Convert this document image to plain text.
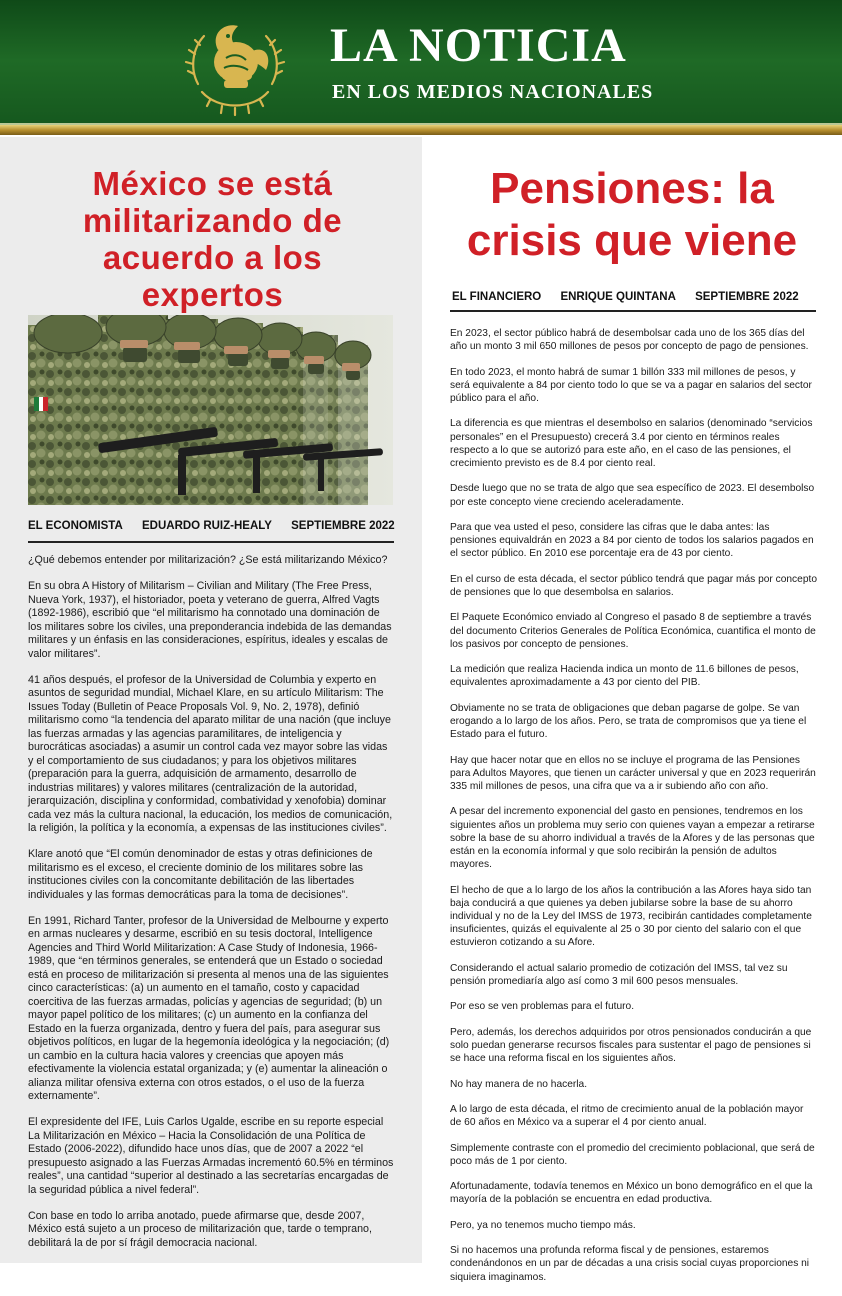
LA NOTICIA
EN LOS MEDIOS NACIONALES
México se está militarizando de acuerdo a los expertos
EL ECONOMISTA EDUARDO RUIZ-HEALY SEPTIEMBRE 2022

¿Qué debemos entender por militarización? ¿Se está militarizando México?

En su obra A History of Militarism – Civilian and Military (The Free Press, Nueva York, 1937), el historiador, poeta y veterano de guerra, Alfred Vagts (1892-1986), escribió que “el militarismo ha connotado una dominación de los militares sobre los civiles, una preponderancia indebida de las demandas militares y un énfasis en las consideraciones, espíritus, ideales y escalas de valor militares”.

41 años después, el profesor de la Universidad de Columbia y experto en asuntos de seguridad mundial, Michael Klare, en su artículo Militarism: The Issues Today (Bulletin of Peace Proposals Vol. 9, No. 2, 1978), definió militarismo como “la tendencia del aparato militar de una nación (que incluye las fuerzas armadas y las agencias paramilitares, de inteligencia y burocráticas asociadas) a asumir un control cada vez mayor sobre las vidas y el comportamiento de sus ciudadanos; y para los objetivos militares (preparación para la guerra, adquisición de armamento, desarrollo de industrias militares) y valores militares (centralización de la autoridad, jerarquización, disciplina y conformidad, combatividad y xenofobia) dominar cada vez más la cultura nacional, la educación, los medios de comunicación, la religión, la política y la economía, a expensas de las instituciones civiles”.

Klare anotó que “El común denominador de estas y otras definiciones de militarismo es el exceso, el creciente dominio de los militares sobre las instituciones civiles con la concomitante debilitación de las libertades individuales y las formas democráticas para la toma de decisiones”.

En 1991, Richard Tanter, profesor de la Universidad de Melbourne y experto en armas nucleares y desarme, escribió en su tesis doctoral, Intelligence Agencies and Third World Militarization: A Case Study of Indonesia, 1966-1989, que “en términos generales, se entenderá que un Estado o sociedad está en proceso de militarización si presenta al menos una de las siguientes cinco características: (a) un aumento en el tamaño, costo y capacidad coercitiva de las fuerzas armadas, policías y agencias de seguridad; (b) un mayor papel político de los militares; (c) un aumento en la confianza del Estado en la fuerza organizada, dentro y fuera del país, para asegurar sus objetivos políticos, en lugar de la hegemonía ideológica y la negociación; (d) un cambio en la cultura hacia valores y creencias que apoyen más efectivamente la violencia estatal organizada; y (e) aumentar la alineación o alianza militar ofensiva externa con otros estados, o el uso de la fuerza externamente”.

El expresidente del IFE, Luis Carlos Ugalde, escribe en su reporte especial La Militarización en México – Hacia la Consolidación de una Política de Estado (2006-2022), difundido hace unos días, que de 2007 a 2022 “el presupuesto asignado a las Fuerzas Armadas incrementó 60.5% en términos reales”, una cantidad “superior al destinado a las secretarías encargadas de la seguridad pública a nivel federal”.

Con base en todo lo arriba anotado, puede afirmarse que, desde 2007, México está sujeto a un proceso de militarización que, tarde o temprano, debilitará la de por sí frágil democracia nacional.

Pensiones: la crisis que viene
EL FINANCIERO ENRIQUE QUINTANA SEPTIEMBRE 2022

En 2023, el sector público habrá de desembolsar cada uno de los 365 días del año un monto 3 mil 650 millones de pesos por concepto de pago de pensiones.

En todo 2023, el monto habrá de sumar 1 billón 333 mil millones de pesos, y será equivalente a 84 por ciento todo lo que se va a pagar en salarios del sector público para el año.

La diferencia es que mientras el desembolso en salarios (denominado “servicios personales” en el Presupuesto) crecerá 3.4 por ciento en términos reales respecto a lo que se autorizó para este año, en el caso de las pensiones, el crecimiento previsto es de 8.4 por ciento real.

Desde luego que no se trata de algo que sea específico de 2023. El desembolso por este concepto viene creciendo aceleradamente.

Para que vea usted el peso, considere las cifras que le daba antes: las pensiones equivaldrán en 2023 a 84 por ciento de todos los salarios pagados en el sector público. En 2010 ese porcentaje era de 43 por ciento.

En el curso de esta década, el sector público tendrá que pagar más por concepto de pensiones que lo que desembolsa en salarios.

El Paquete Económico enviado al Congreso el pasado 8 de septiembre a través del documento Criterios Generales de Política Económica, cuantifica el monto de los pasivos por concepto de pensiones.

La medición que realiza Hacienda indica un monto de 11.6 billones de pesos, equivalentes aproximadamente a 43 por ciento del PIB.

Obviamente no se trata de obligaciones que deban pagarse de golpe. Se van erogando a lo largo de los años. Pero, se trata de compromisos que ya tiene el Estado para el futuro.

Hay que hacer notar que en ellos no se incluye el programa de las Pensiones para Adultos Mayores, que tienen un carácter universal y que en 2023 requerirán 335 mil millones de pesos, una cifra que va a ir subiendo año con año.

A pesar del incremento exponencial del gasto en pensiones, tendremos en los siguientes años un problema muy serio con quienes vayan a empezar a retirarse sobre la base de su ahorro individual a través de la Afores y de las personas que están en la economía informal y que solo recibirán la pensión de adultos mayores.

El hecho de que a lo largo de los años la contribución a las Afores haya sido tan baja conducirá a que quienes ya deben jubilarse sobre la base de su ahorro individual y no de la Ley del IMSS de 1973, recibirán cantidades completamente insuficientes, quizás el equivalente al 25 o 30 por ciento del salario con el que estuvieron cotizando a su Afore.

Considerando el actual salario promedio de cotización del IMSS, tal vez su pensión promediaría algo así como 3 mil 600 pesos mensuales.

Por eso se ven problemas para el futuro.

Pero, además, los derechos adquiridos por otros pensionados conducirán a que solo puedan generarse recursos fiscales para sustentar el pago de pensiones si se hace una reforma fiscal en los siguientes años.

No hay manera de no hacerla.

A lo largo de esta década, el ritmo de crecimiento anual de la población mayor de 60 años en México va a superar el 4 por ciento anual.

Simplemente contraste con el promedio del crecimiento poblacional, que será de poco más de 1 por ciento.

Afortunadamente, todavía tenemos en México un bono demográfico en el que la mayoría de la población se encuentra en edad productiva.

Pero, ya no tenemos mucho tiempo más.

Si no hacemos una profunda reforma fiscal y de pensiones, estaremos condenándonos en un par de décadas a una crisis social cuyas proporciones ni siquiera imaginamos.
